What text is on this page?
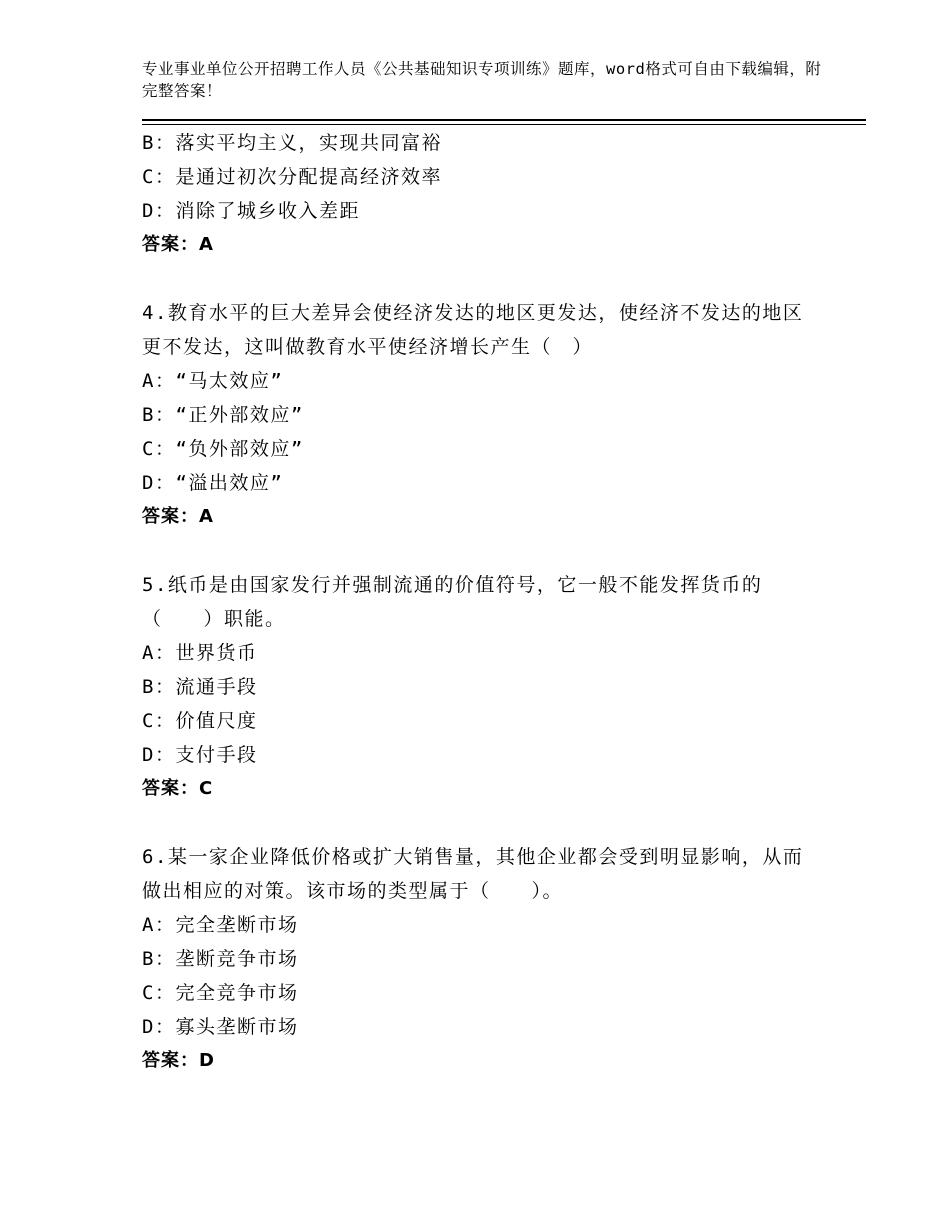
专业事业单位公开招聘工作人员《公共基础知识专项训练》题库，word格式可自由下载编辑，附完整答案！
B：落实平均主义，实现共同富裕
C：是通过初次分配提高经济效率
D：消除了城乡收入差距
答案：A
4.教育水平的巨大差异会使经济发达的地区更发达，使经济不发达的地区更不发达，这叫做教育水平使经济增长产生（　）
A：“马太效应”
B：“正外部效应”
C：“负外部效应”
D：“溢出效应”
答案：A
5.纸币是由国家发行并强制流通的价值符号，它一般不能发挥货币的（　　）职能。
A：世界货币
B：流通手段
C：价值尺度
D：支付手段
答案：C
6.某一家企业降低价格或扩大销售量，其他企业都会受到明显影响，从而做出相应的对策。该市场的类型属于（　　）。
A：完全垄断市场
B：垄断竞争市场
C：完全竞争市场
D：寡头垄断市场
答案：D
